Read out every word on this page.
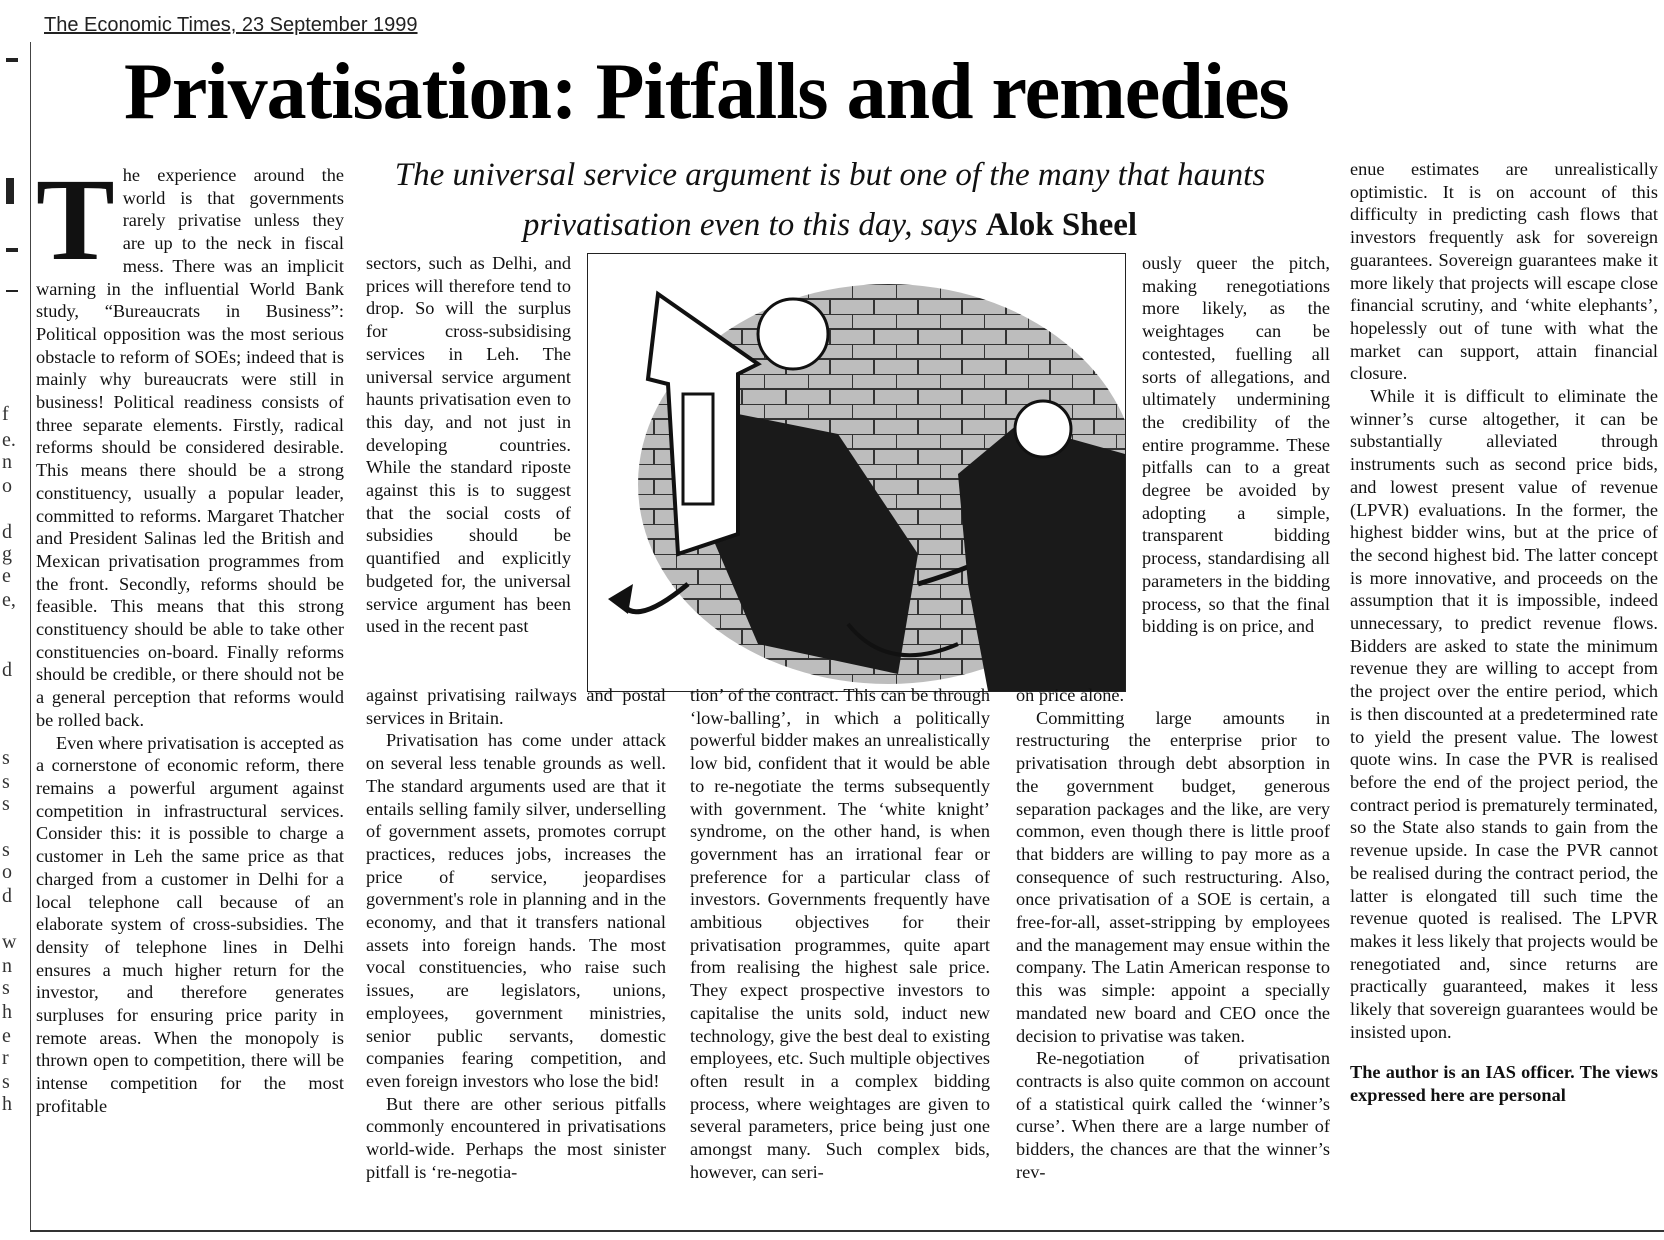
The Economic Times, 23 September 1999
Privatisation: Pitfalls and remedies
f
e.
n
o
d
g
e
e,
d
s
s
s
s
o
d
w
n
s
h
e
r
s
h

The universal service argument is but one of the many that haunts privatisation even to this day, says Alok Sheel

T he experience around the world is that governments rarely privatise unless they are up to the neck in fiscal mess. There was an implicit warning in the influential World Bank study, “Bureaucrats in Business”: Political opposition was the most serious obstacle to reform of SOEs; indeed that is mainly why bureaucrats were still in business! Political readiness consists of three separate elements. Firstly, radical reforms should be considered desirable. This means there should be a strong constituency, usually a popular leader, committed to reforms. Margaret Thatcher and President Salinas led the British and Mexican privatisation programmes from the front. Secondly, reforms should be feasible. This means that this strong constituency should be able to take other constituencies on-board. Finally reforms should be credible, or there should not be a general perception that reforms would be rolled back.

Even where privatisation is accepted as a cornerstone of economic reform, there remains a powerful argument against competition in infrastructural services. Consider this: it is possible to charge a customer in Leh the same price as that charged from a customer in Delhi for a local telephone call because of an elaborate system of cross-subsidies. The density of telephone lines in Delhi ensures a much higher return for the investor, and therefore generates surpluses for ensuring price parity in remote areas. When the monopoly is thrown open to competition, there will be intense competition for the most profitable

sectors, such as Delhi, and prices will therefore tend to drop. So will the surplus for cross-subsidising services in Leh. The universal service argument haunts privatisation even to this day, and not just in developing countries. While the standard riposte against this is to suggest that the social costs of subsidies should be quantified and explicitly budgeted for, the universal service argument has been used in the recent past

against privatising railways and postal services in Britain.

Privatisation has come under attack on several less tenable grounds as well. The standard arguments used are that it entails selling family silver, underselling of government assets, promotes corrupt practices, reduces jobs, increases the price of service, jeopardises government's role in planning and in the economy, and that it transfers national assets into foreign hands. The most vocal constituencies, who raise such issues, are legislators, unions, employees, government ministries, senior public servants, domestic companies fearing competition, and even foreign investors who lose the bid!

But there are other serious pitfalls commonly encountered in privatisations world-wide. Perhaps the most sinister pitfall is ‘re-negotia-

tion’ of the contract. This can be through ‘low-balling’, in which a politically powerful bidder makes an unrealistically low bid, confident that it would be able to re-negotiate the terms subsequently with government. The ‘white knight’ syndrome, on the other hand, is when government has an irrational fear or preference for a particular class of investors. Governments frequently have ambitious objectives for their privatisation programmes, quite apart from realising the highest sale price. They expect prospective investors to capitalise the units sold, induct new technology, give the best deal to existing employees, etc. Such multiple objectives often result in a complex bidding process, where weightages are given to several parameters, price being just one amongst many. Such complex bids, however, can seri-

ously queer the pitch, making renegotiations more likely, as the weightages can be contested, fuelling all sorts of allegations, and ultimately undermining the credibility of the entire programme. These pitfalls can to a great degree be avoided by adopting a simple, transparent bidding process, standardising all parameters in the bidding process, so that the final bidding is on price, and

on price alone.

Committing large amounts in restructuring the enterprise prior to privatisation through debt absorption in the government budget, generous separation packages and the like, are very common, even though there is little proof that bidders are willing to pay more as a consequence of such restructuring. Also, once privatisation of a SOE is certain, a free-for-all, asset-stripping by employees and the management may ensue within the company. The Latin American response to this was simple: appoint a specially mandated new board and CEO once the decision to privatise was taken.

Re-negotiation of privatisation contracts is also quite common on account of a statistical quirk called the ‘winner’s curse’. When there are a large number of bidders, the chances are that the winner’s rev-

enue estimates are unrealistically optimistic. It is on account of this difficulty in predicting cash flows that investors frequently ask for sovereign guarantees. Sovereign guarantees make it more likely that projects will escape close financial scrutiny, and ‘white elephants’, hopelessly out of tune with what the market can support, attain financial closure.

While it is difficult to eliminate the winner’s curse altogether, it can be substantially alleviated through instruments such as second price bids, and lowest present value of revenue (LPVR) evaluations. In the former, the highest bidder wins, but at the price of the second highest bid. The latter concept is more innovative, and proceeds on the assumption that it is impossible, indeed unnecessary, to predict revenue flows. Bidders are asked to state the minimum revenue they are willing to accept from the project over the entire period, which is then discounted at a predetermined rate to yield the present value. The lowest quote wins. In case the PVR is realised before the end of the project period, the contract period is prematurely terminated, so the State also stands to gain from the revenue upside. In case the PVR cannot be realised during the contract period, the latter is elongated till such time the revenue quoted is realised. The LPVR makes it less likely that projects would be renegotiated and, since returns are practically guaranteed, makes it less likely that sovereign guarantees would be insisted upon.

The author is an IAS officer. The views expressed here are personal
